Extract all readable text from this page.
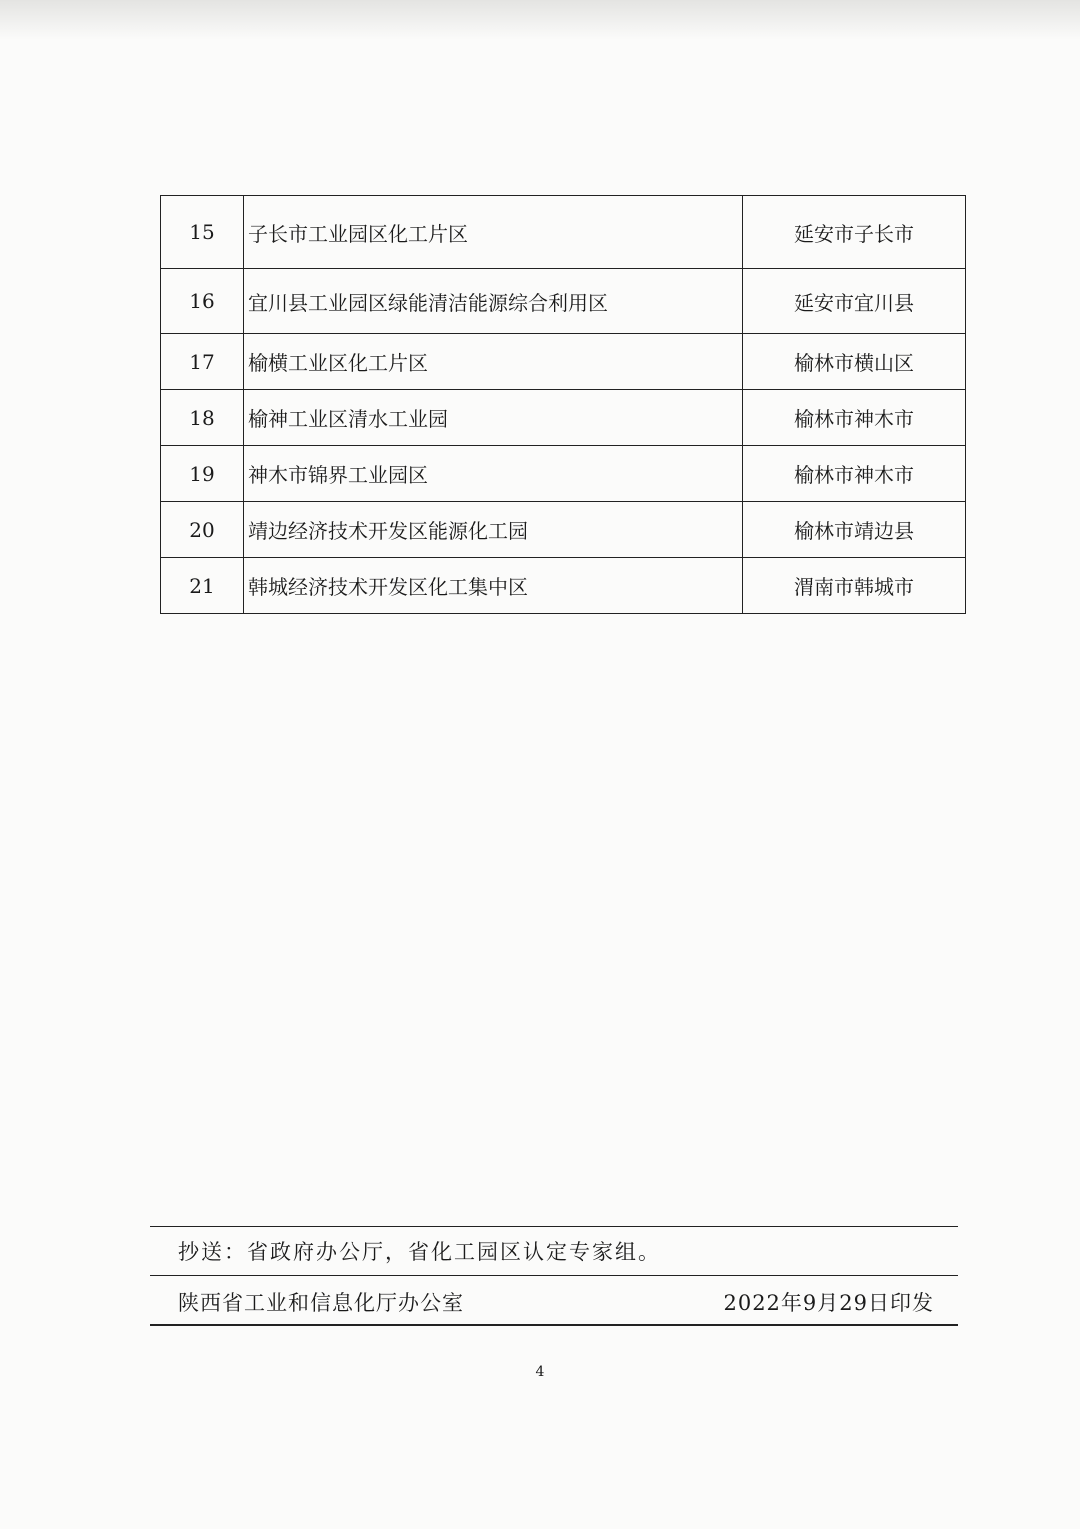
15	子长市工业园区化工片区	延安市子长市
16	宜川县工业园区绿能清洁能源综合利用区	延安市宜川县
17	榆横工业区化工片区	榆林市横山区
18	榆神工业区清水工业园	榆林市神木市
19	神木市锦界工业园区	榆林市神木市
20	靖边经济技术开发区能源化工园	榆林市靖边县
21	韩城经济技术开发区化工集中区	渭南市韩城市
抄送：省政府办公厅，省化工园区认定专家组。
陕西省工业和信息化厅办公室	2022年9月29日印发
4
